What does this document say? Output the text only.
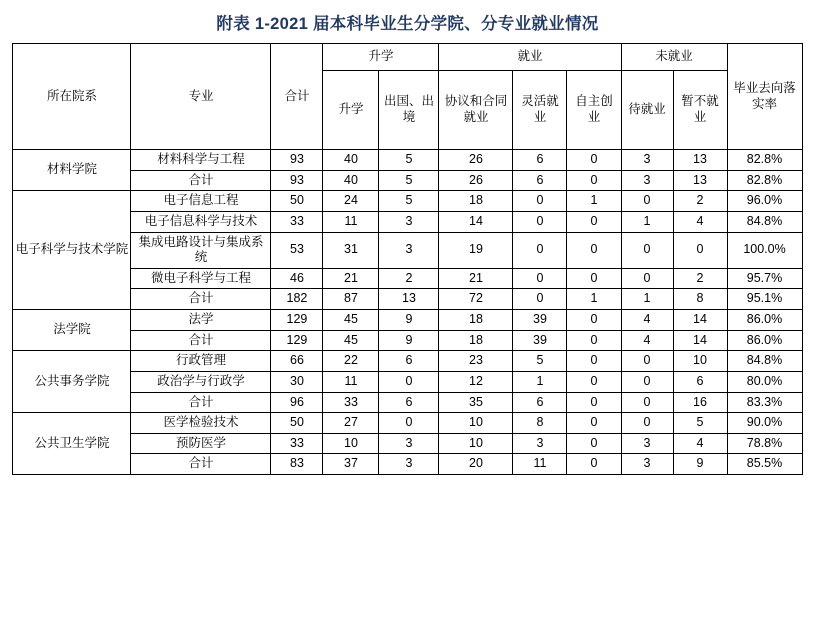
附表 1-2021 届本科毕业生分学院、分专业就业情况
所在院系	专业	合计	升学		就业			未就业		毕业去向落实率
			升学	出国、出境	协议和合同就业	灵活就业	自主创业	待就业	暂不就业	
材料学院	材料科学与工程	93	40	5	26	6	0	3	13	82.8%
	合计	93	40	5	26	6	0	3	13	82.8%
电子科学与技术学院	电子信息工程	50	24	5	18	0	1	0	2	96.0%
	电子信息科学与技术	33	11	3	14	0	0	1	4	84.8%
	集成电路设计与集成系统	53	31	3	19	0	0	0	0	100.0%
	微电子科学与工程	46	21	2	21	0	0	0	2	95.7%
	合计	182	87	13	72	0	1	1	8	95.1%
法学院	法学	129	45	9	18	39	0	4	14	86.0%
	合计	129	45	9	18	39	0	4	14	86.0%
公共事务学院	行政管理	66	22	6	23	5	0	0	10	84.8%
	政治学与行政学	30	11	0	12	1	0	0	6	80.0%
	合计	96	33	6	35	6	0	0	16	83.3%
公共卫生学院	医学检验技术	50	27	0	10	8	0	0	5	90.0%
	预防医学	33	10	3	10	3	0	3	4	78.8%
	合计	83	37	3	20	11	0	3	9	85.5%
